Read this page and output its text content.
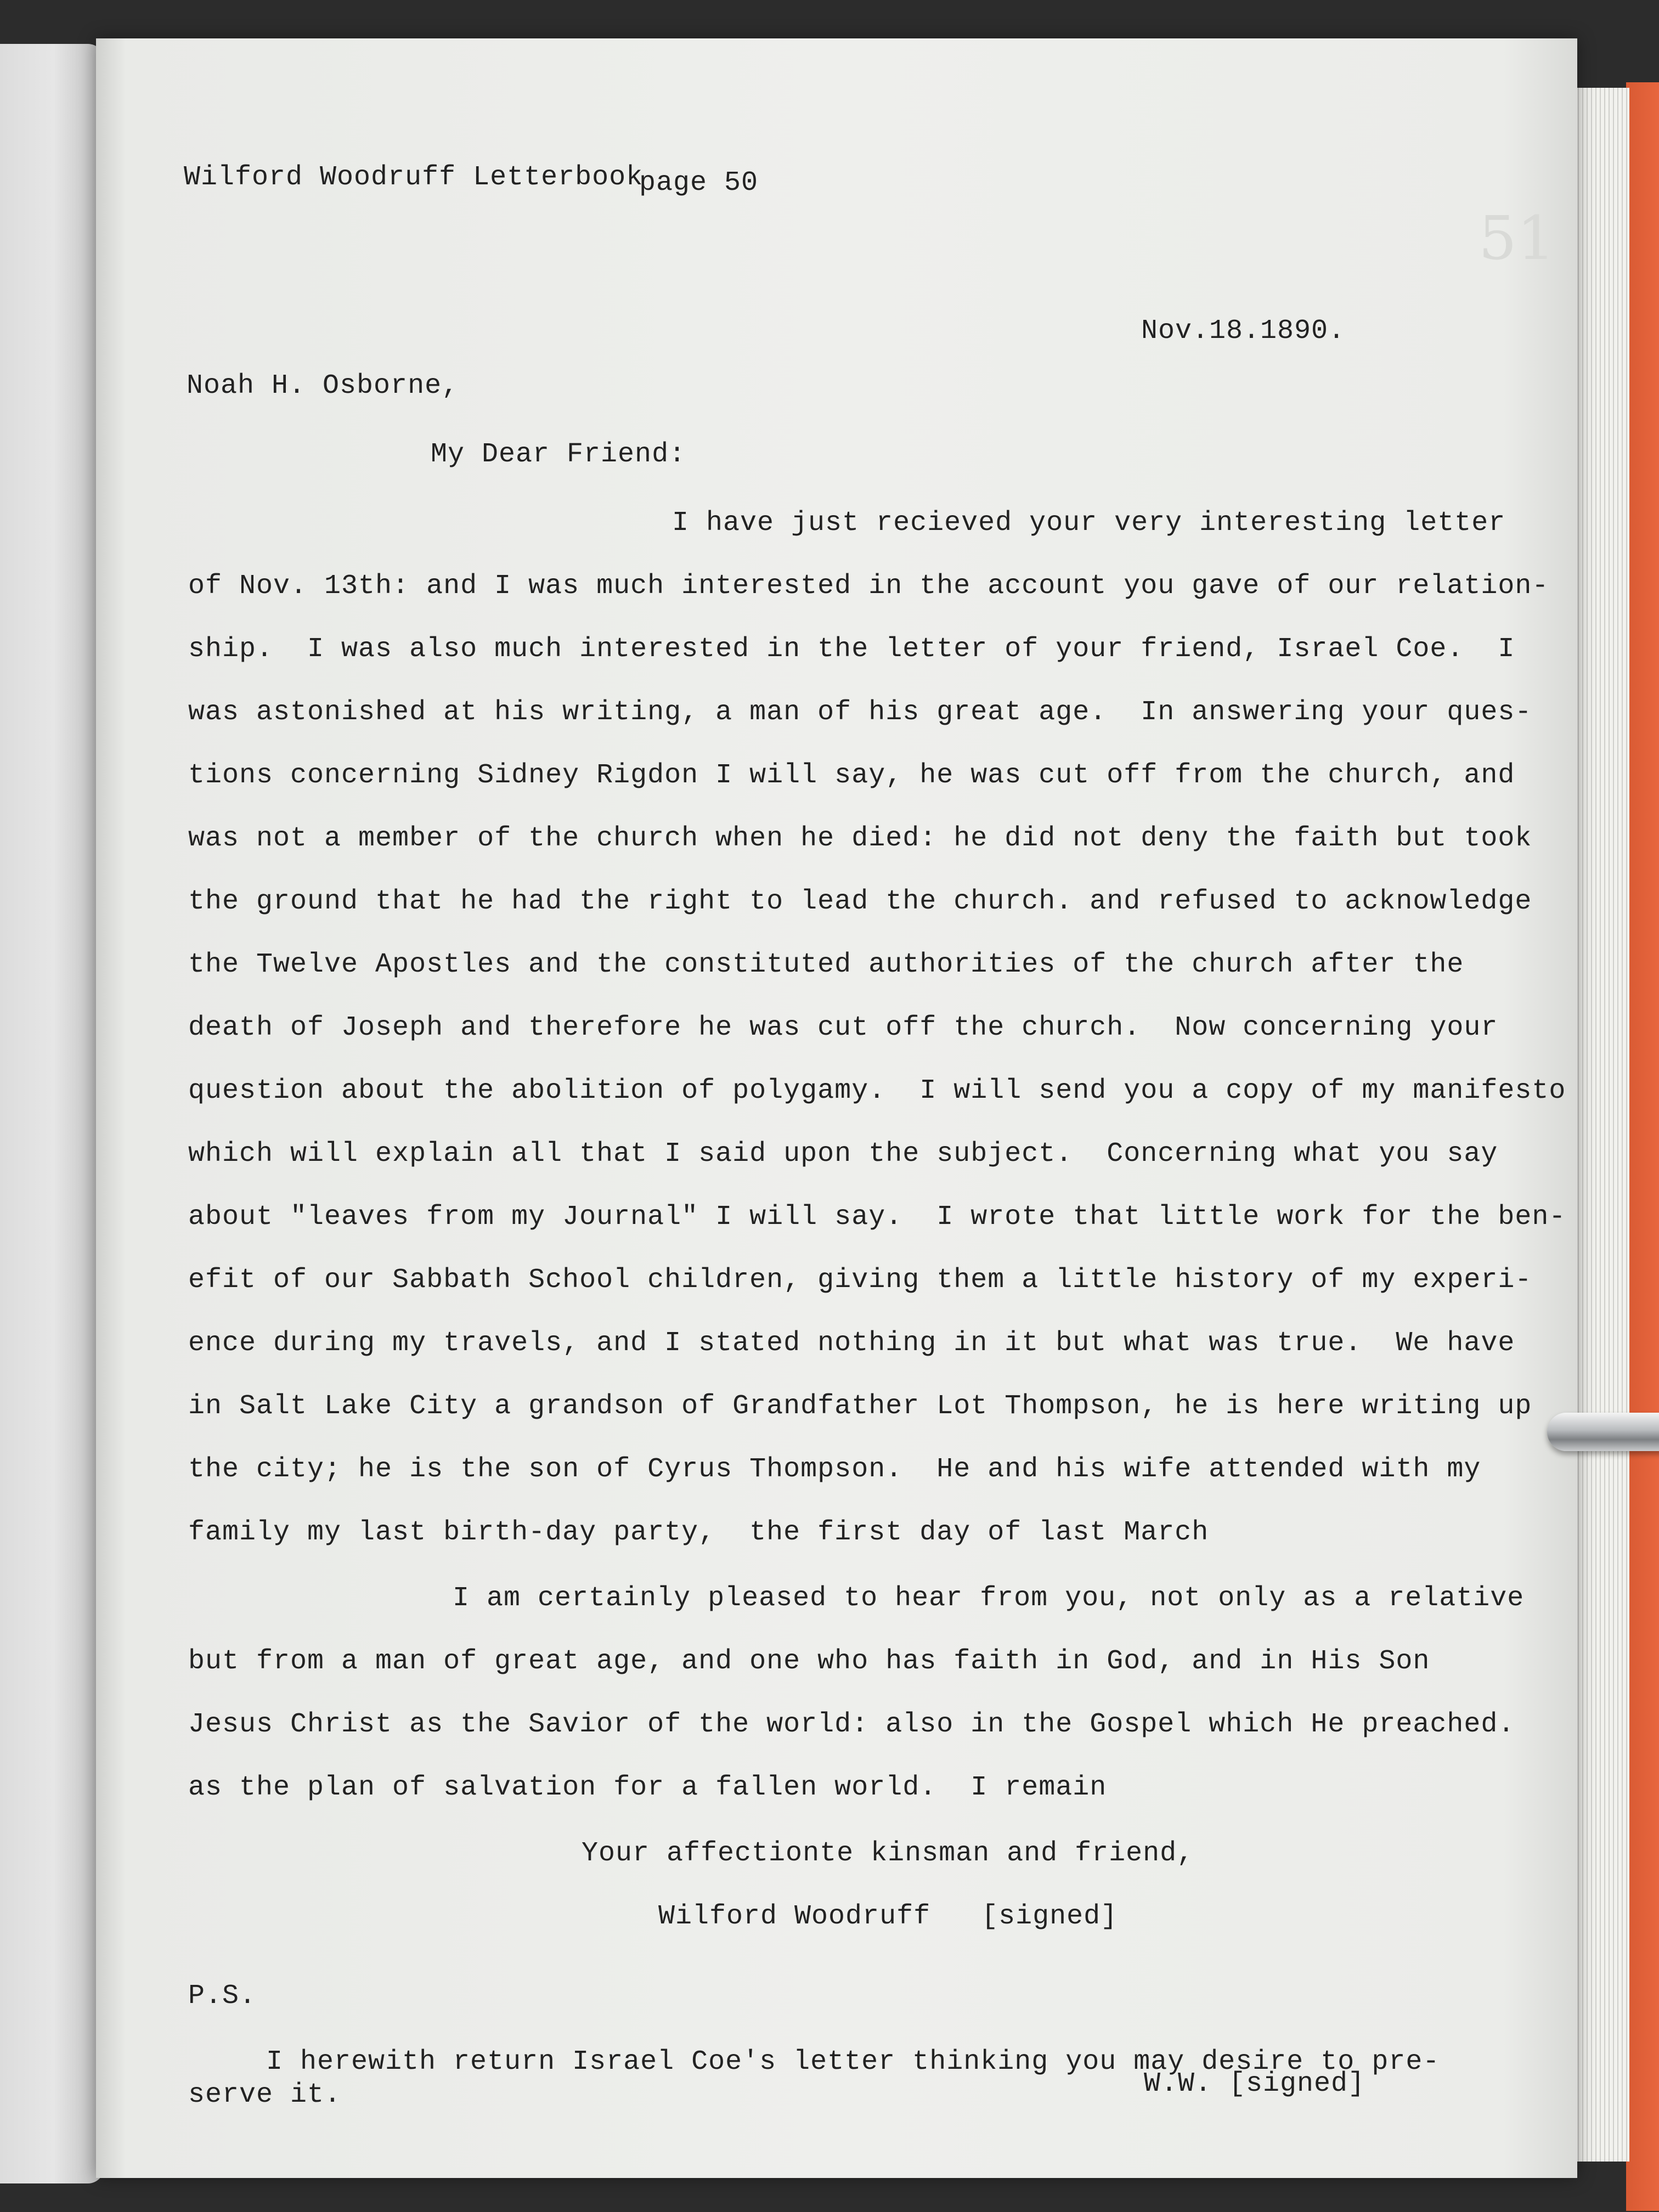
51
Wilford Woodruff Letterbook
page 50
Nov.18.1890.
Noah H. Osborne,
My Dear Friend:
I have just recieved your very interesting letter
of Nov. 13th: and I was much interested in the account you gave of our relation-
ship.  I was also much interested in the letter of your friend, Israel Coe.  I
was astonished at his writing, a man of his great age.  In answering your ques-
tions concerning Sidney Rigdon I will say, he was cut off from the church, and
was not a member of the church when he died: he did not deny the faith but took
the ground that he had the right to lead the church. and refused to acknowledge
the Twelve Apostles and the constituted authorities of the church after the
death of Joseph and therefore he was cut off the church.  Now concerning your
question about the abolition of polygamy.  I will send you a copy of my manifesto
which will explain all that I said upon the subject.  Concerning what you say
about "leaves from my Journal" I will say.  I wrote that little work for the ben-
efit of our Sabbath School children, giving them a little history of my experi-
ence during my travels, and I stated nothing in it but what was true.  We have
in Salt Lake City a grandson of Grandfather Lot Thompson, he is here writing up
the city; he is the son of Cyrus Thompson.  He and his wife attended with my
family my last birth-day party,  the first day of last March
I am certainly pleased to hear from you, not only as a relative
but from a man of great age, and one who has faith in God, and in His Son
Jesus Christ as the Savior of the world: also in the Gospel which He preached.
as the plan of salvation for a fallen world.  I remain
Your affectionte kinsman and friend,
Wilford Woodruff   [signed]
P.S.
I herewith return Israel Coe's letter thinking you may desire to pre-
serve it.	W.W. [signed]
